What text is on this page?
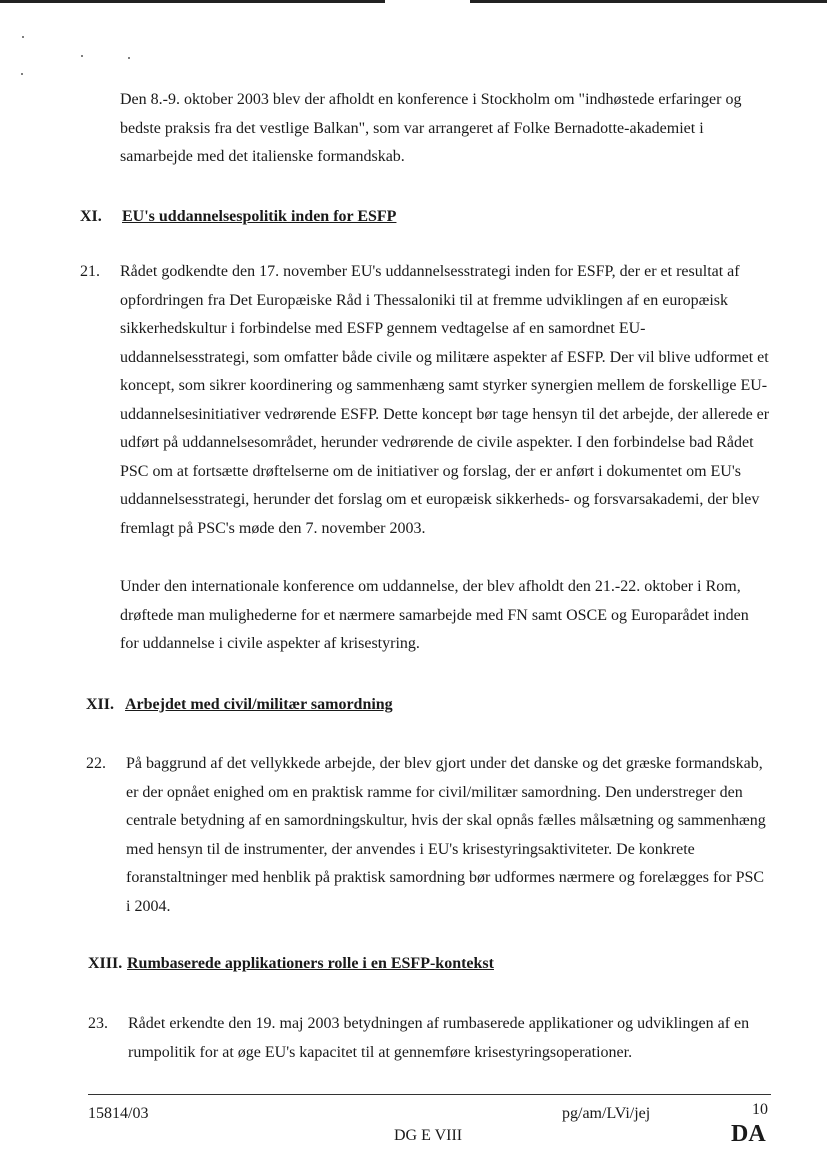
Den 8.-9. oktober 2003 blev der afholdt en konference i Stockholm om "indhøstede erfaringer og bedste praksis fra det vestlige Balkan", som var arrangeret af Folke Bernadotte-akademiet i samarbejde med det italienske formandskab.

XI. EU's uddannelsespolitik inden for ESFP
21. Rådet godkendte den 17. november EU's uddannelsesstrategi inden for ESFP, der er et resultat af opfordringen fra Det Europæiske Råd i Thessaloniki til at fremme udviklingen af en europæisk sikkerhedskultur i forbindelse med ESFP gennem vedtagelse af en samordnet EU-uddannelsesstrategi, som omfatter både civile og militære aspekter af ESFP. Der vil blive udformet et koncept, som sikrer koordinering og sammenhæng samt styrker synergien mellem de forskellige EU-uddannelsesinitiativer vedrørende ESFP. Dette koncept bør tage hensyn til det arbejde, der allerede er udført på uddannelsesområdet, herunder vedrørende de civile aspekter. I den forbindelse bad Rådet PSC om at fortsætte drøftelserne om de initiativer og forslag, der er anført i dokumentet om EU's uddannelsesstrategi, herunder det forslag om et europæisk sikkerheds- og forsvarsakademi, der blev fremlagt på PSC's møde den 7. november 2003.

Under den internationale konference om uddannelse, der blev afholdt den 21.-22. oktober i Rom, drøftede man mulighederne for et nærmere samarbejde med FN samt OSCE og Europarådet inden for uddannelse i civile aspekter af krisestyring.

XII. Arbejdet med civil/militær samordning
22. På baggrund af det vellykkede arbejde, der blev gjort under det danske og det græske formandskab, er der opnået enighed om en praktisk ramme for civil/militær samordning. Den understreger den centrale betydning af en samordningskultur, hvis der skal opnås fælles målsætning og sammenhæng med hensyn til de instrumenter, der anvendes i EU's krisestyringsaktiviteter. De konkrete foranstaltninger med henblik på praktisk samordning bør udformes nærmere og forelægges for PSC i 2004.

XIII. Rumbaserede applikationers rolle i en ESFP-kontekst
23. Rådet erkendte den 19. maj 2003 betydningen af rumbaserede applikationer og udviklingen af en rumpolitik for at øge EU's kapacitet til at gennemføre krisestyringsoperationer.

15814/03	pg/am/LVi/jej	10
DG E VIII	DA
